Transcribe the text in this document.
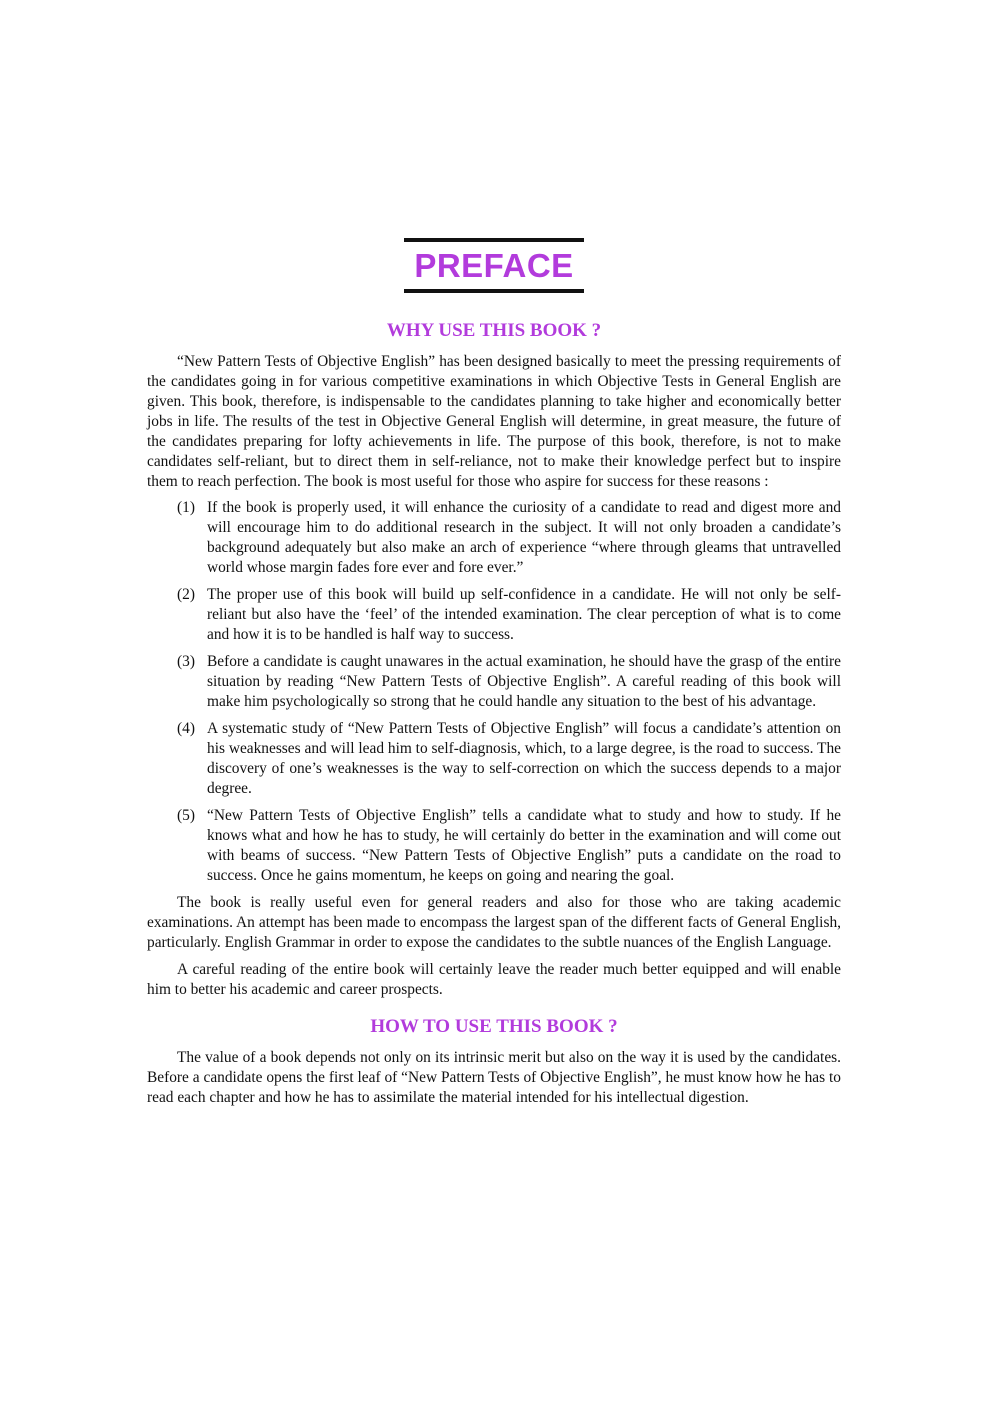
PREFACE
WHY USE THIS BOOK ?

“New Pattern Tests of Objective English” has been designed basically to meet the pressing requirements of the candidates going in for various competitive examinations in which Objective Tests in General English are given. This book, therefore, is indispensable to the candidates planning to take higher and economically better jobs in life. The results of the test in Objective General English will determine, in great measure, the future of the candidates preparing for lofty achievements in life. The purpose of this book, therefore, is not to make candidates self-reliant, but to direct them in self-reliance, not to make their knowledge perfect but to inspire them to reach perfection. The book is most useful for those who aspire for success for these reasons :

(1) If the book is properly used, it will enhance the curiosity of a candidate to read and digest more and will encourage him to do additional research in the subject. It will not only broaden a candidate’s background adequately but also make an arch of experience “where through gleams that untravelled world whose margin fades fore ever and fore ever.”
(2) The proper use of this book will build up self-confidence in a candidate. He will not only be self-reliant but also have the ‘feel’ of the intended examination. The clear perception of what is to come and how it is to be handled is half way to success.
(3) Before a candidate is caught unawares in the actual examination, he should have the grasp of the entire situation by reading “New Pattern Tests of Objective English”. A careful reading of this book will make him psychologically so strong that he could handle any situation to the best of his advantage.
(4) A systematic study of “New Pattern Tests of Objective English” will focus a candidate’s attention on his weaknesses and will lead him to self-diagnosis, which, to a large degree, is the road to success. The discovery of one’s weaknesses is the way to self-correction on which the success depends to a major degree.
(5) “New Pattern Tests of Objective English” tells a candidate what to study and how to study. If he knows what and how he has to study, he will certainly do better in the examination and will come out with beams of success. “New Pattern Tests of Objective English” puts a candidate on the road to success. Once he gains momentum, he keeps on going and nearing the goal.

The book is really useful even for general readers and also for those who are taking academic examinations. An attempt has been made to encompass the largest span of the different facts of General English, particularly. English Grammar in order to expose the candidates to the subtle nuances of the English Language.

A careful reading of the entire book will certainly leave the reader much better equipped and will enable him to better his academic and career prospects.

HOW TO USE THIS BOOK ?

The value of a book depends not only on its intrinsic merit but also on the way it is used by the candidates. Before a candidate opens the first leaf of “New Pattern Tests of Objective English”, he must know how he has to read each chapter and how he has to assimilate the material intended for his intellectual digestion.
